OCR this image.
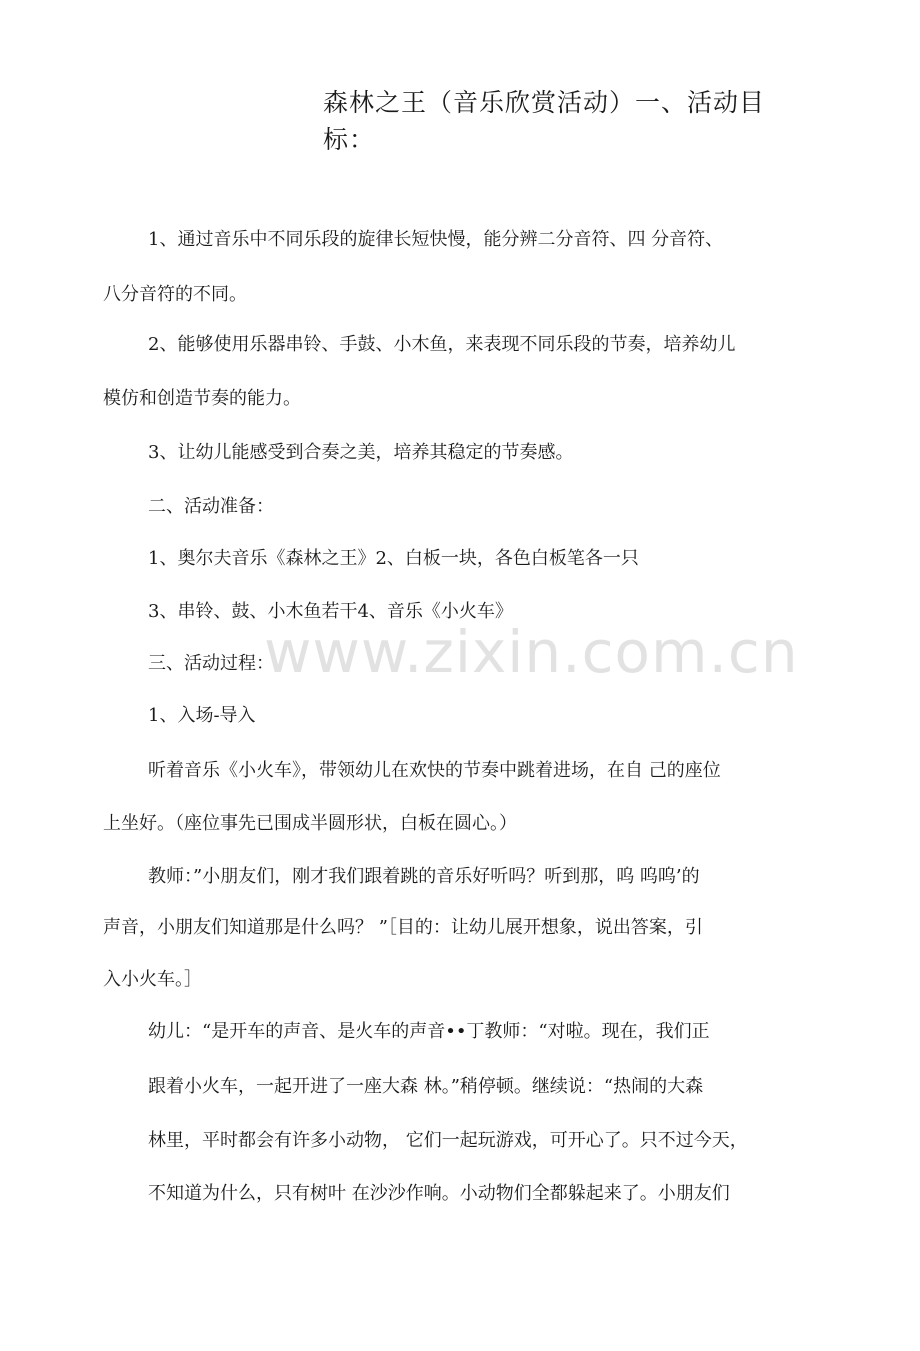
森林之王（音乐欣赏活动）一、活动目标：

1、通过音乐中不同乐段的旋律长短快慢，能分辨二分音符、四 分音符、

八分音符的不同。

2、能够使用乐器串铃、手鼓、小木鱼，来表现不同乐段的节奏，培养幼儿

模仿和创造节奏的能力。

3、让幼儿能感受到合奏之美，培养其稳定的节奏感。

二、活动准备：

1、奥尔夫音乐《森林之王》2、白板一块，各色白板笔各一只

3、串铃、鼓、小木鱼若干4、音乐《小火车》

三、活动过程：

1、入场-导入

听着音乐《小火车》，带领幼儿在欢快的节奏中跳着进场，在自 己的座位

上坐好。（座位事先已围成半圆形状，白板在圆心。）

教师：”小朋友们，刚才我们跟着跳的音乐好听吗？听到那，呜 呜呜’的

声音，小朋友们知道那是什么吗？ ”［目的：让幼儿展开想象，说出答案，引

入小火车。］

幼儿：“是开车的声音、是火车的声音••丁教师：“对啦。现在，我们正

跟着小火车，一起开进了一座大森 林。”稍停顿。继续说：“热闹的大森

林里，平时都会有许多小动物， 它们一起玩游戏，可开心了。只不过今天，

不知道为什么，只有树叶 在沙沙作响。小动物们全都躲起来了。小朋友们

www.zixin.com.cn
